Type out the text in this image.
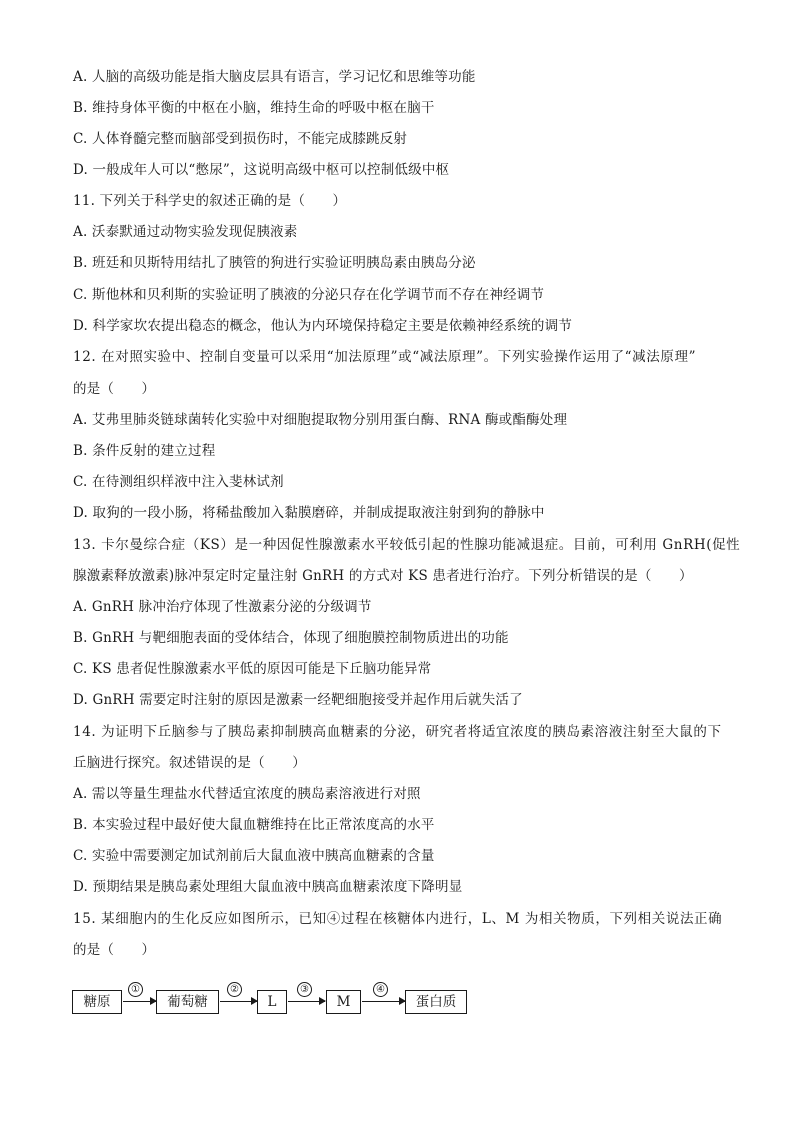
A. 人脑的高级功能是指大脑皮层具有语言，学习记忆和思维等功能
B. 维持身体平衡的中枢在小脑，维持生命的呼吸中枢在脑干
C. 人体脊髓完整而脑部受到损伤时，不能完成膝跳反射
D. 一般成年人可以“憋尿”，这说明高级中枢可以控制低级中枢
11. 下列关于科学史的叙述正确的是（　　）
A. 沃泰默通过动物实验发现促胰液素
B. 班廷和贝斯特用结扎了胰管的狗进行实验证明胰岛素由胰岛分泌
C. 斯他林和贝利斯的实验证明了胰液的分泌只存在化学调节而不存在神经调节
D. 科学家坎农提出稳态的概念，他认为内环境保持稳定主要是依赖神经系统的调节
12. 在对照实验中、控制自变量可以采用“加法原理”或“减法原理”。下列实验操作运用了“减法原理”
的是（　　）
A. 艾弗里肺炎链球菌转化实验中对细胞提取物分别用蛋白酶、RNA 酶或酯酶处理
B. 条件反射的建立过程
C. 在待测组织样液中注入斐林试剂
D. 取狗的一段小肠，将稀盐酸加入黏膜磨碎，并制成提取液注射到狗的静脉中
13. 卡尔曼综合症（KS）是一种因促性腺激素水平较低引起的性腺功能减退症。目前，可利用 GnRH(促性
腺激素释放激素)脉冲泵定时定量注射 GnRH 的方式对 KS 患者进行治疗。下列分析错误的是（　　）
A. GnRH 脉冲治疗体现了性激素分泌的分级调节
B. GnRH 与靶细胞表面的受体结合，体现了细胞膜控制物质进出的功能
C. KS 患者促性腺激素水平低的原因可能是下丘脑功能异常
D. GnRH 需要定时注射的原因是激素一经靶细胞接受并起作用后就失活了
14. 为证明下丘脑参与了胰岛素抑制胰高血糖素的分泌，研究者将适宜浓度的胰岛素溶液注射至大鼠的下
丘脑进行探究。叙述错误的是（　　）
A. 需以等量生理盐水代替适宜浓度的胰岛素溶液进行对照
B. 本实验过程中最好使大鼠血糖维持在比正常浓度高的水平
C. 实验中需要测定加试剂前后大鼠血液中胰高血糖素的含量
D. 预期结果是胰岛素处理组大鼠血液中胰高血糖素浓度下降明显
15. 某细胞内的生化反应如图所示，已知④过程在核糖体内进行，L、M 为相关物质，下列相关说法正确
的是（　　）
糖原
①
葡萄糖
②
L
③
M
④
蛋白质
